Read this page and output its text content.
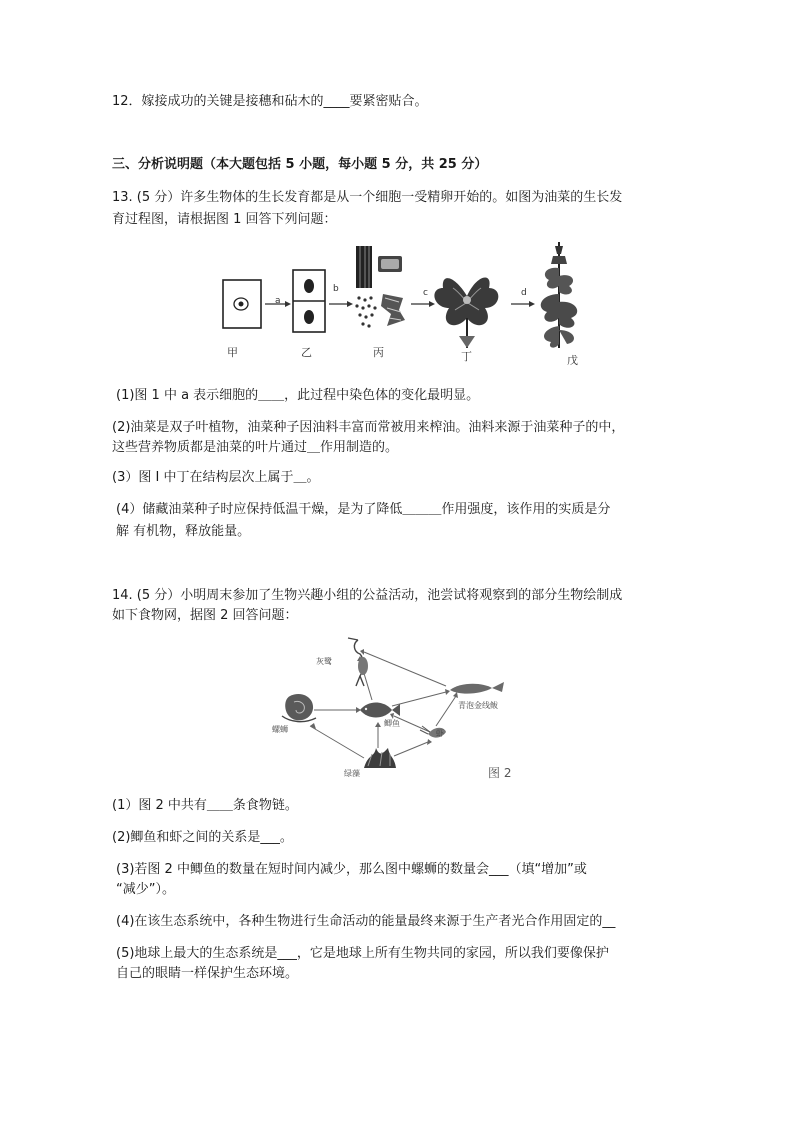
12．嫁接成功的关键是接穗和砧木的____要紧密贴合。
三、分析说明题（本大题包括 5 小题，每小题 5 分，共 25 分）
13. (5 分）许多生物体的生长发育都是从一个细胞一受精卵开始的。如图为油菜的生长发
育过程图，请根据图 1 回答下列问题：
甲
a
乙
b
丙
c
丁
d
戊
(1)图 1 中 a 表示细胞的＿＿，此过程中染色体的变化最明显。
(2)油菜是双子叶植物，油菜种子因油料丰富而常被用来榨油。油料来源于油菜种子的中，
这些营养物质都是油菜的叶片通过＿作用制造的。
(3）图 I 中丁在结构层次上属于＿。
(4）储藏油菜种子时应保持低温干燥，是为了降低＿＿＿作用强度，该作用的实质是分
解 有机物，释放能量。
14. (5 分）小明周末参加了生物兴趣小组的公益活动，池尝试将观察到的部分生物绘制成
如下食物网，据图 2 回答问题：
灰鹭
螺蛳
鲫鱼
虾
绿藻
青泡金线鲅
图 2
(1）图 2 中共有＿＿条食物链。
(2)鲫鱼和虾之间的关系是___。
(3)若图 2 中鲫鱼的数量在短时间内减少，那么图中螺蛳的数量会___（填“增加”或
“减少”）。
(4)在该生态系统中，各种生物进行生命活动的能量最终来源于生产者光合作用固定的__
(5)地球上最大的生态系统是___，它是地球上所有生物共同的家园，所以我们要像保护
自己的眼睛一样保护生态环境。
